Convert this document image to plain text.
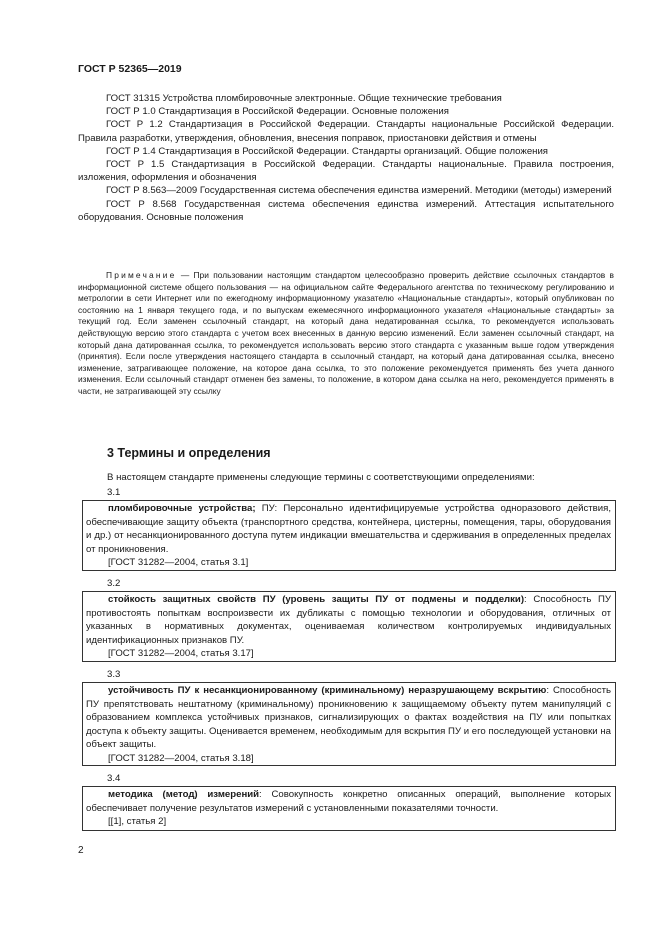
ГОСТ Р 52365—2019

ГОСТ 31315 Устройства пломбировочные электронные. Общие технические требования

ГОСТ Р 1.0 Стандартизация в Российской Федерации. Основные положения

ГОСТ Р 1.2 Стандартизация в Российской Федерации. Стандарты национальные Российской Федерации. Правила разработки, утверждения, обновления, внесения поправок, приостановки действия и отмены

ГОСТ Р 1.4 Стандартизация в Российской Федерации. Стандарты организаций. Общие положения

ГОСТ Р 1.5 Стандартизация в Российской Федерации. Стандарты национальные. Правила построения, изложения, оформления и обозначения

ГОСТ Р 8.563—2009 Государственная система обеспечения единства измерений. Методики (методы) измерений

ГОСТ Р 8.568 Государственная система обеспечения единства измерений. Аттестация испытательного оборудования. Основные положения

Примечание — При пользовании настоящим стандартом целесообразно проверить действие ссылочных стандартов в информационной системе общего пользования — на официальном сайте Федерального агентства по техническому регулированию и метрологии в сети Интернет или по ежегодному информационному указателю «Национальные стандарты», который опубликован по состоянию на 1 января текущего года, и по выпускам ежемесячного информационного указателя «Национальные стандарты» за текущий год. Если заменен ссылочный стандарт, на который дана недатированная ссылка, то рекомендуется использовать действующую версию этого стандарта с учетом всех внесенных в данную версию изменений. Если заменен ссылочный стандарт, на который дана датированная ссылка, то рекомендуется использовать версию этого стандарта с указанным выше годом утверждения (принятия). Если после утверждения настоящего стандарта в ссылочный стандарт, на который дана датированная ссылка, внесено изменение, затрагивающее положение, на которое дана ссылка, то это положение рекомендуется применять без учета данного изменения. Если ссылочный стандарт отменен без замены, то положение, в котором дана ссылка на него, рекомендуется применять в части, не затрагивающей эту ссылку

3 Термины и определения
В настоящем стандарте применены следующие термины с соответствующими определениями:
3.1

пломбировочные устройства; ПУ: Персонально идентифицируемые устройства одноразового действия, обеспечивающие защиту объекта (транспортного средства, контейнера, цистерны, помещения, тары, оборудования и др.) от несанкционированного доступа путем индикации вмешательства и сдерживания в определенных пределах от проникновения.

[ГОСТ 31282—2004, статья 3.1]

3.2

стойкость защитных свойств ПУ (уровень защиты ПУ от подмены и подделки): Способность ПУ противостоять попыткам воспроизвести их дубликаты с помощью технологии и оборудования, отличных от указанных в нормативных документах, оцениваемая количеством контролируемых индивидуальных идентификационных признаков ПУ.

[ГОСТ 31282—2004, статья 3.17]

3.3

устойчивость ПУ к несанкционированному (криминальному) неразрушающему вскрытию: Способность ПУ препятствовать нештатному (криминальному) проникновению к защищаемому объекту путем манипуляций с образованием комплекса устойчивых признаков, сигнализирующих о фактах воздействия на ПУ или попытках доступа к объекту защиты. Оценивается временем, необходимым для вскрытия ПУ и его последующей установки на объект защиты.

[ГОСТ 31282—2004, статья 3.18]

3.4

методика (метод) измерений: Совокупность конкретно описанных операций, выполнение которых обеспечивает получение результатов измерений с установленными показателями точности.

[[1], статья 2]

2
